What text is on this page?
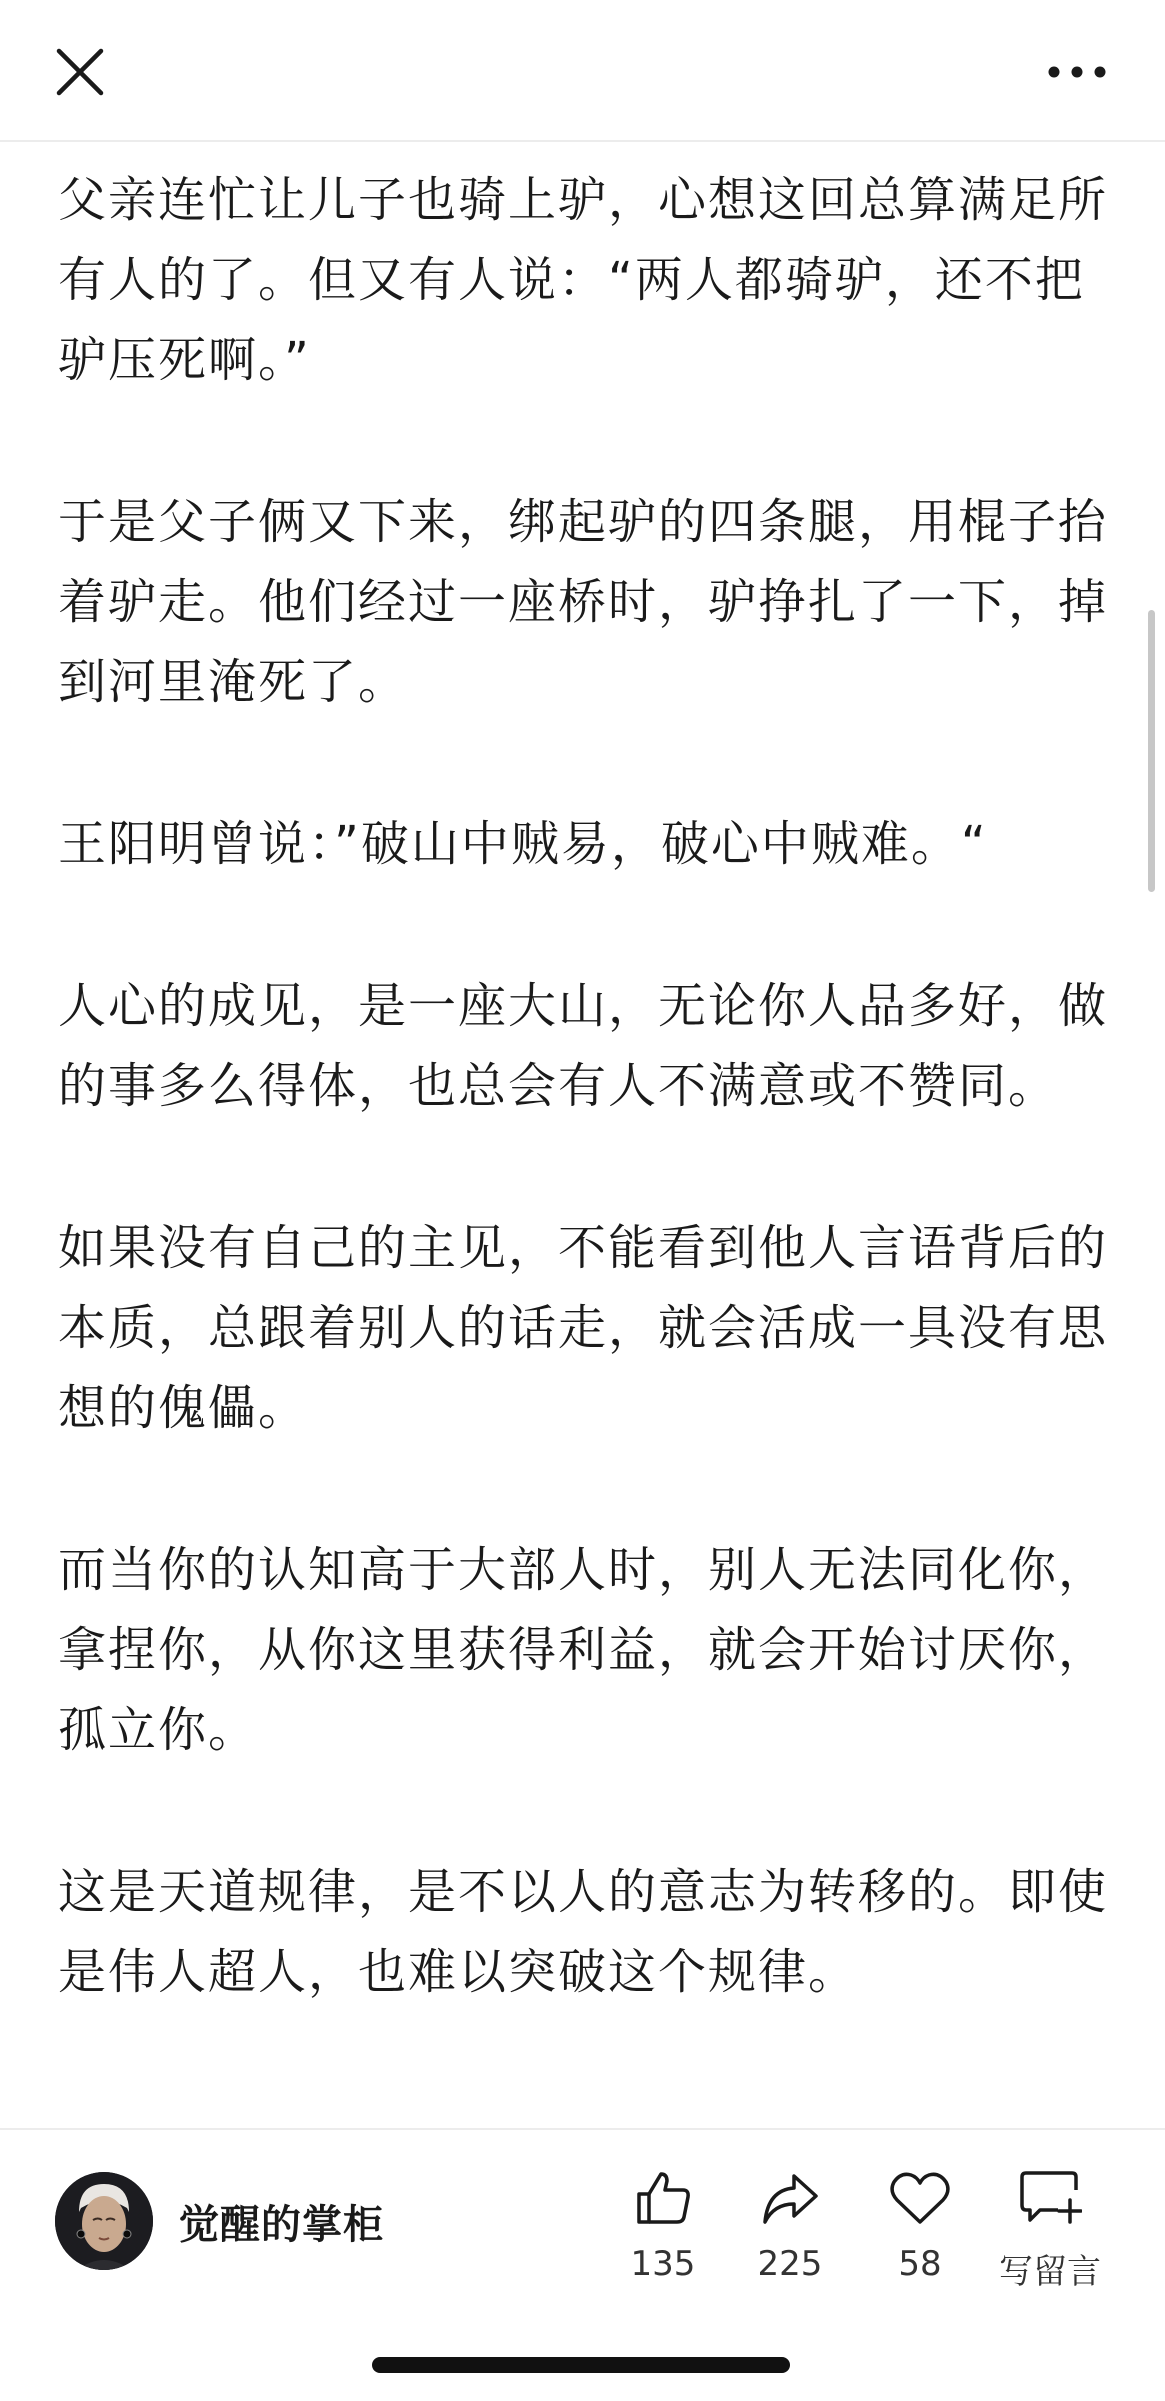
父亲连忙让儿子也骑上驴，心想这回总算满足所有人的了。但又有人说：“两人都骑驴，还不把驴压死啊。”

于是父子俩又下来，绑起驴的四条腿，用棍子抬着驴走。他们经过一座桥时，驴挣扎了一下，掉到河里淹死了。

王阳明曾说：”破山中贼易，破心中贼难。“

人心的成见，是一座大山，无论你人品多好，做的事多么得体，也总会有人不满意或不赞同。

如果没有自己的主见，不能看到他人言语背后的本质，总跟着别人的话走，就会活成一具没有思想的傀儡。

而当你的认知高于大部人时，别人无法同化你，拿捏你，从你这里获得利益，就会开始讨厌你，孤立你。

这是天道规律，是不以人的意志为转移的。即使是伟人超人，也难以突破这个规律。

觉醒的掌柜
135	225	58	写留言
